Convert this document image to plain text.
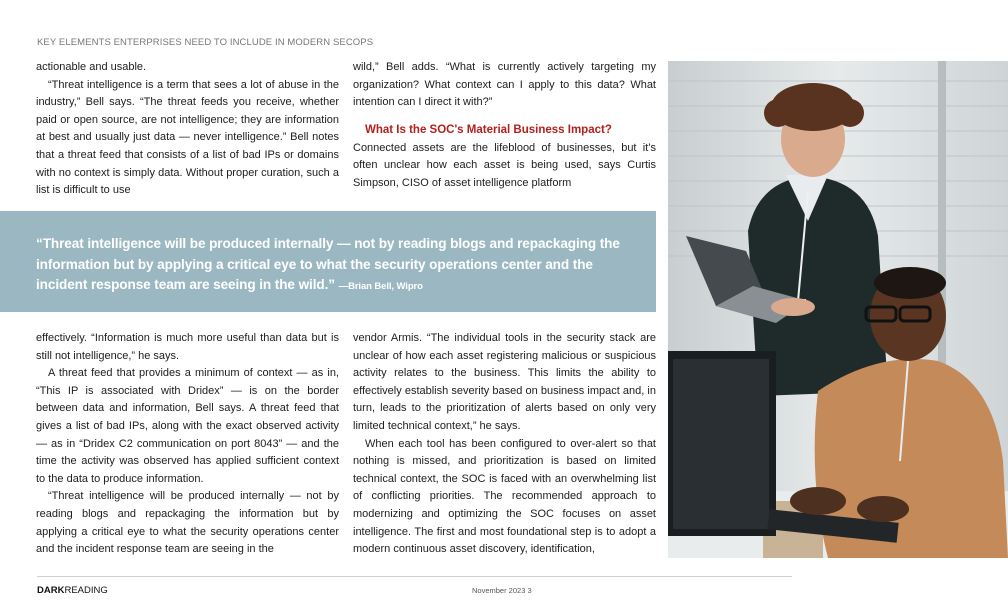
KEY ELEMENTS ENTERPRISES NEED TO INCLUDE IN MODERN SECOPS

actionable and usable.

“Threat intelligence is a term that sees a lot of abuse in the industry,” Bell says. “The threat feeds you receive, whether paid or open source, are not intelligence; they are information at best and usually just data — never intelligence.” Bell notes that a threat feed that consists of a list of bad IPs or domains with no context is simply data. Without proper curation, such a list is difficult to use

wild,” Bell adds. “What is currently actively targeting my organization? What context can I apply to this data? What intention can I direct it with?”

What Is the SOC's Material Business Impact?

Connected assets are the lifeblood of businesses, but it’s often unclear how each asset is being used, says Curtis Simpson, CISO of asset intelligence platform

“Threat intelligence will be produced internally — not by reading blogs and repackaging the information but by applying a critical eye to what the security operations center and the incident response team are seeing in the wild.” —Brian Bell, Wipro

effectively. “Information is much more useful than data but is still not intelligence,” he says.

A threat feed that provides a minimum of context — as in, “This IP is associated with Dridex” — is on the border between data and information, Bell says. A threat feed that gives a list of bad IPs, along with the exact observed activity — as in “Dridex C2 communication on port 8043” — and the time the activity was observed has applied sufficient context to the data to produce information.

“Threat intelligence will be produced internally — not by reading blogs and repackaging the information but by applying a critical eye to what the security operations center and the incident response team are seeing in the

vendor Armis. “The individual tools in the security stack are unclear of how each asset registering malicious or suspicious activity relates to the business. This limits the ability to effectively establish severity based on business impact and, in turn, leads to the prioritization of alerts based on only very limited technical context,” he says.

When each tool has been configured to over-alert so that nothing is missed, and prioritization is based on limited technical context, the SOC is faced with an overwhelming list of conflicting priorities. The recommended approach to modernizing and optimizing the SOC focuses on asset intelligence. The first and most foundational step is to adopt a modern continuous asset discovery, identification,

DARKREADING	November 2023 3
